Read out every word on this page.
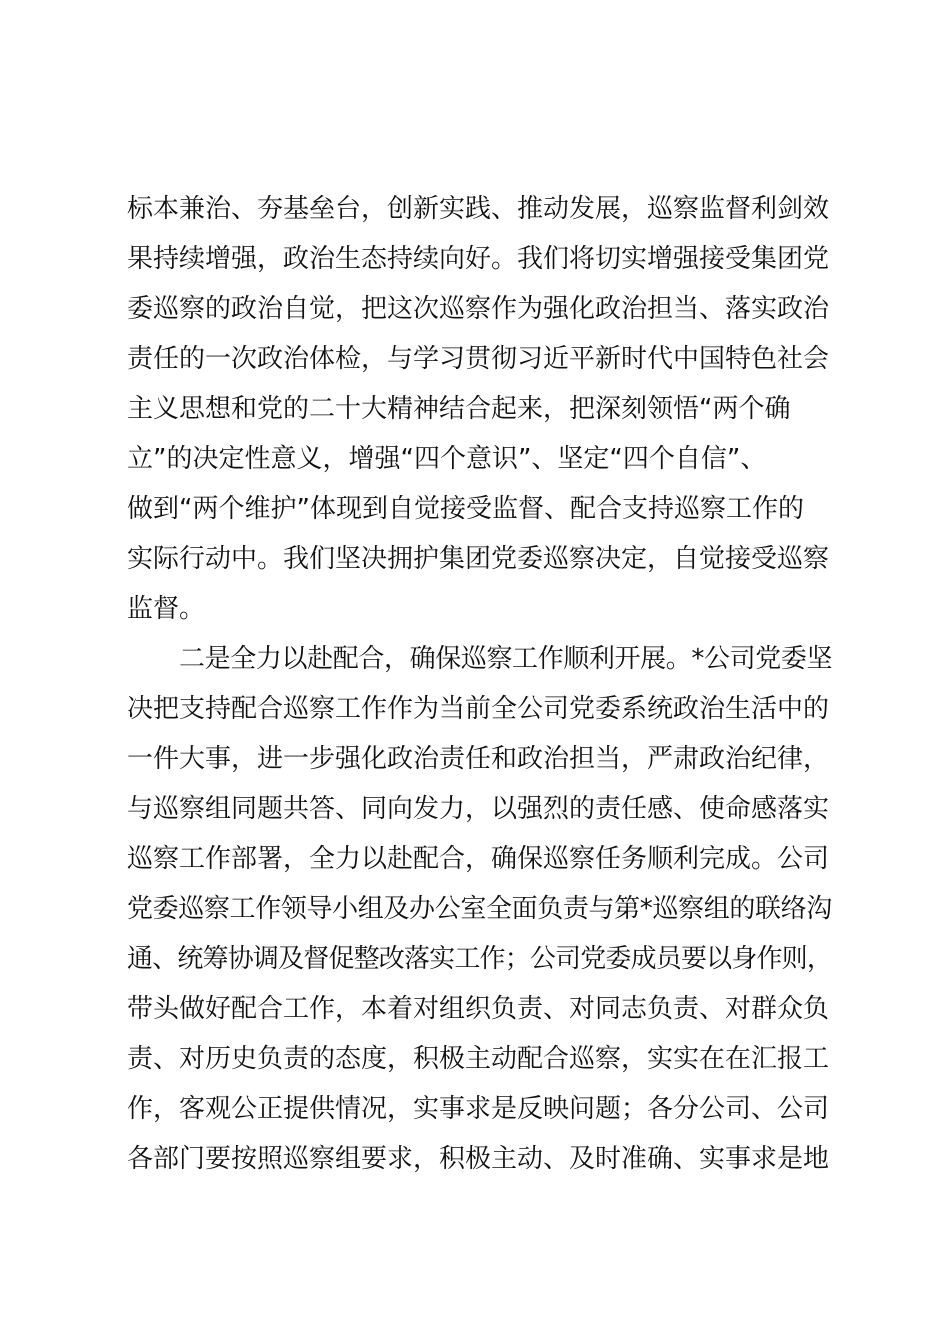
标本兼治、夯基垒台，创新实践、推动发展，巡察监督利剑效
果持续增强，政治生态持续向好。我们将切实增强接受集团党
委巡察的政治自觉，把这次巡察作为强化政治担当、落实政治
责任的一次政治体检，与学习贯彻习近平新时代中国特色社会
主义思想和党的二十大精神结合起来，把深刻领悟“两个确
立”的决定性意义，增强“四个意识”、坚定“四个自信”、
做到“两个维护”体现到自觉接受监督、配合支持巡察工作的
实际行动中。我们坚决拥护集团党委巡察决定，自觉接受巡察
监督。
二是全力以赴配合，确保巡察工作顺利开展。*公司党委坚
决把支持配合巡察工作作为当前全公司党委系统政治生活中的
一件大事，进一步强化政治责任和政治担当，严肃政治纪律，
与巡察组同题共答、同向发力，以强烈的责任感、使命感落实
巡察工作部署，全力以赴配合，确保巡察任务顺利完成。公司
党委巡察工作领导小组及办公室全面负责与第*巡察组的联络沟
通、统筹协调及督促整改落实工作；公司党委成员要以身作则，
带头做好配合工作，本着对组织负责、对同志负责、对群众负
责、对历史负责的态度，积极主动配合巡察，实实在在汇报工
作，客观公正提供情况，实事求是反映问题；各分公司、公司
各部门要按照巡察组要求，积极主动、及时准确、实事求是地
